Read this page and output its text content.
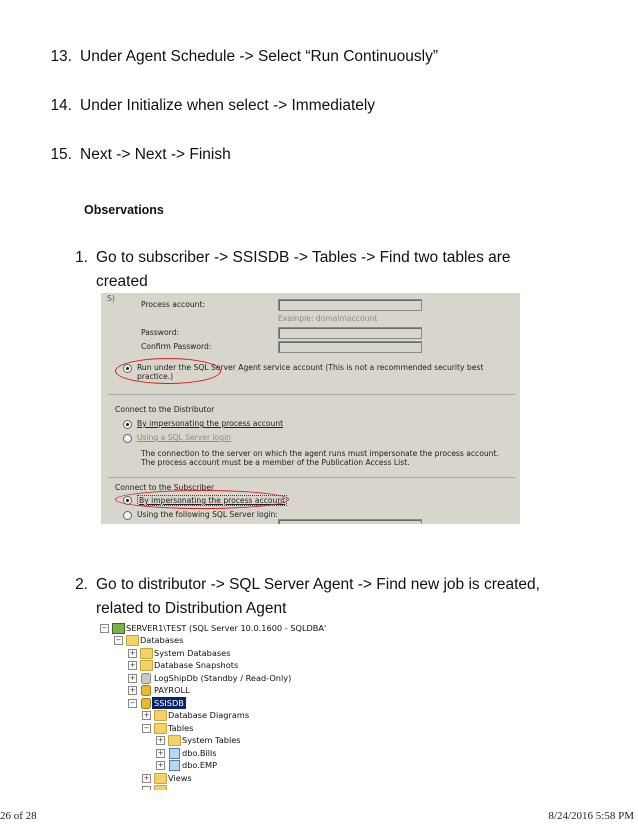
13. Under Agent Schedule -> Select “Run Continuously”
14. Under Initialize when select -> Immediately
15. Next -> Next -> Finish
Observations
1. Go to subscriber -> SSISDB -> Tables -> Find two tables are
created
S)
Process account:
Example: domain\account
Password:
Confirm Password:
Run under the SQL Server Agent service account (This is not a recommended security best
practice.)
Connect to the Distributor
By impersonating the process account
Using a SQL Server login
The connection to the server on which the agent runs must impersonate the process account.
The process account must be a member of the Publication Access List.
Connect to the Subscriber
By impersonating the process account
Using the following SQL Server login:
2. Go to distributor -> SQL Server Agent -> Find new job is created,
related to Distribution Agent
− SERVER1\TEST (SQL Server 10.0.1600 - SQLDBA'
− Databases
+ System Databases
+ Database Snapshots
+ LogShipDb (Standby / Read-Only)
+ PAYROLL
− SSISDB
+ Database Diagrams
− Tables
+ System Tables
+ dbo.Bills
+ dbo.EMP
+ Views
26 of 28	8/24/2016 5:58 PM
